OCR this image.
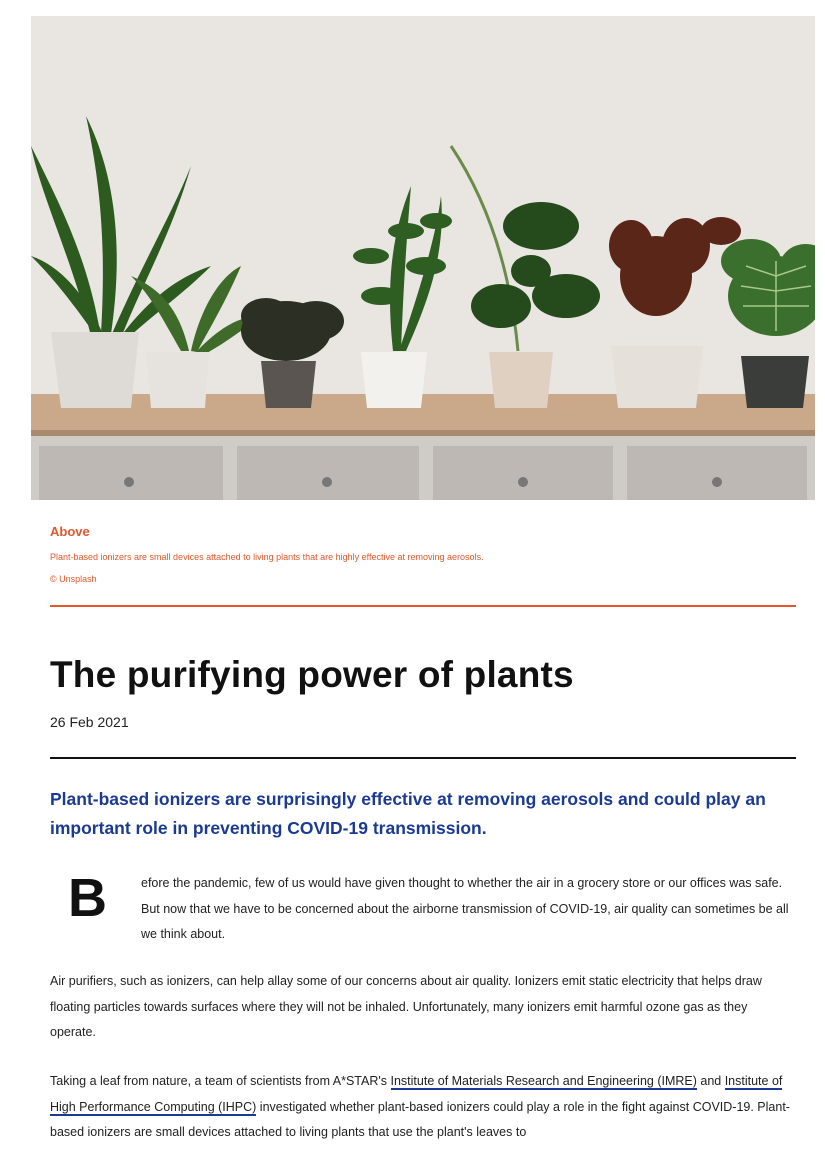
Above
Plant-based ionizers are small devices attached to living plants that are highly effective at removing aerosols.
© Unsplash
The purifying power of plants
26 Feb 2021

Plant-based ionizers are surprisingly effective at removing aerosols and could play an important role in preventing COVID-19 transmission.

B	efore the pandemic, few of us would have given thought to whether the air in a grocery store or our offices was safe. But now that we have to be concerned about the airborne transmission of COVID-19, air quality can sometimes be all we think about.

Air purifiers, such as ionizers, can help allay some of our concerns about air quality. Ionizers emit static electricity that helps draw floating particles towards surfaces where they will not be inhaled. Unfortunately, many ionizers emit harmful ozone gas as they operate.

Taking a leaf from nature, a team of scientists from A*STAR's Institute of Materials Research and Engineering (IMRE) and Institute of High Performance Computing (IHPC) investigated whether plant-based ionizers could play a role in the fight against COVID-19. Plant-based ionizers are small devices attached to living plants that use the plant's leaves to
